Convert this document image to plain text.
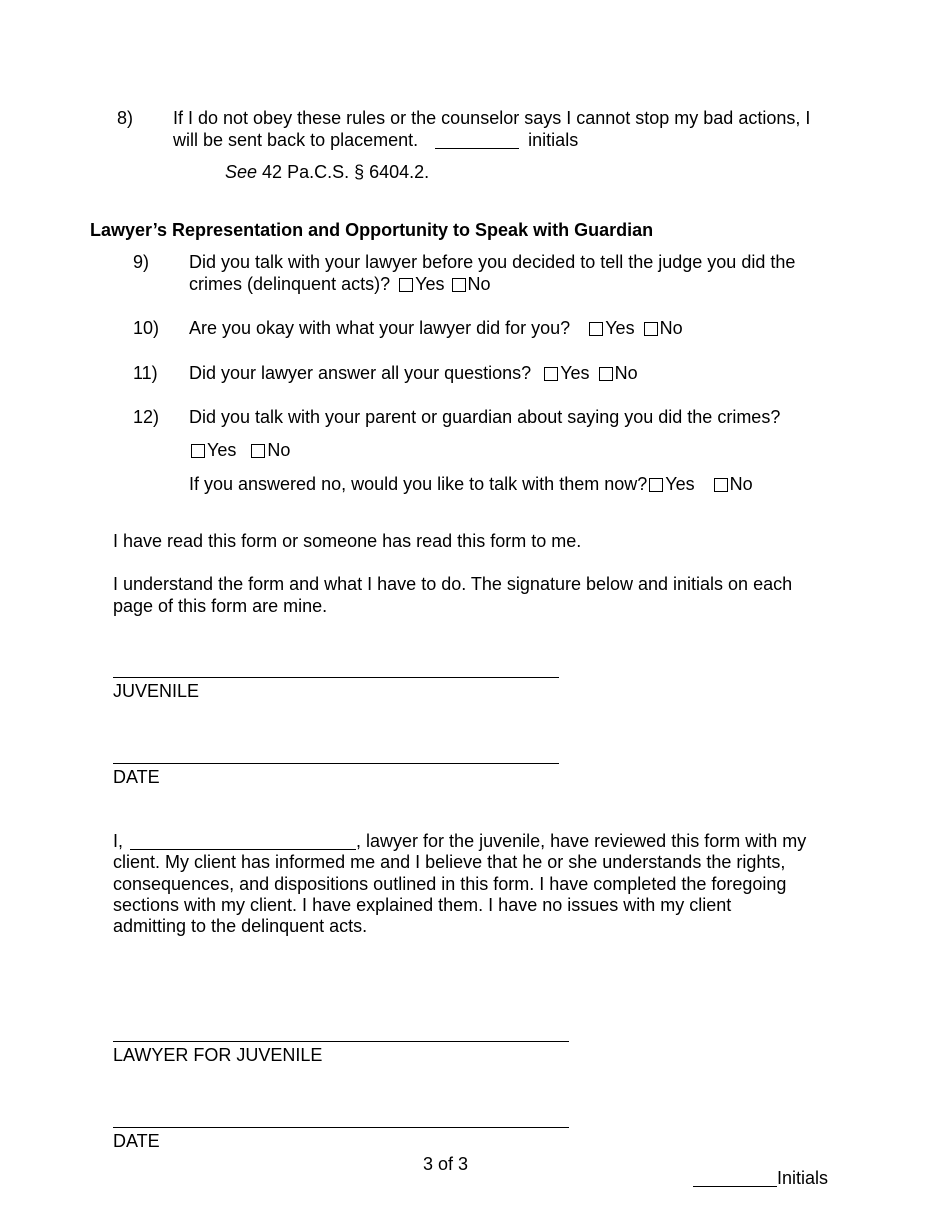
8) If I do not obey these rules or the counselor says I cannot stop my bad actions, I
will be sent back to placement.	initials
See 42 Pa.C.S. § 6404.2.
Lawyer’s Representation and Opportunity to Speak with Guardian
9) Did you talk with your lawyer before you decided to tell the judge you did the
crimes (delinquent acts)? Yes No
10) Are you okay with what your lawyer did for you? Yes No
11) Did your lawyer answer all your questions? Yes No
12) Did you talk with your parent or guardian about saying you did the crimes?
Yes No
If you answered no, would you like to talk with them now? Yes No
I have read this form or someone has read this form to me.
I understand the form and what I have to do. The signature below and initials on each
page of this form are mine.
JUVENILE
DATE
I,	, lawyer for the juvenile, have reviewed this form with my
client. My client has informed me and I believe that he or she understands the rights,
consequences, and dispositions outlined in this form. I have completed the foregoing
sections with my client. I have explained them. I have no issues with my client
admitting to the delinquent acts.
LAWYER FOR JUVENILE
DATE
3 of 3
Initials
